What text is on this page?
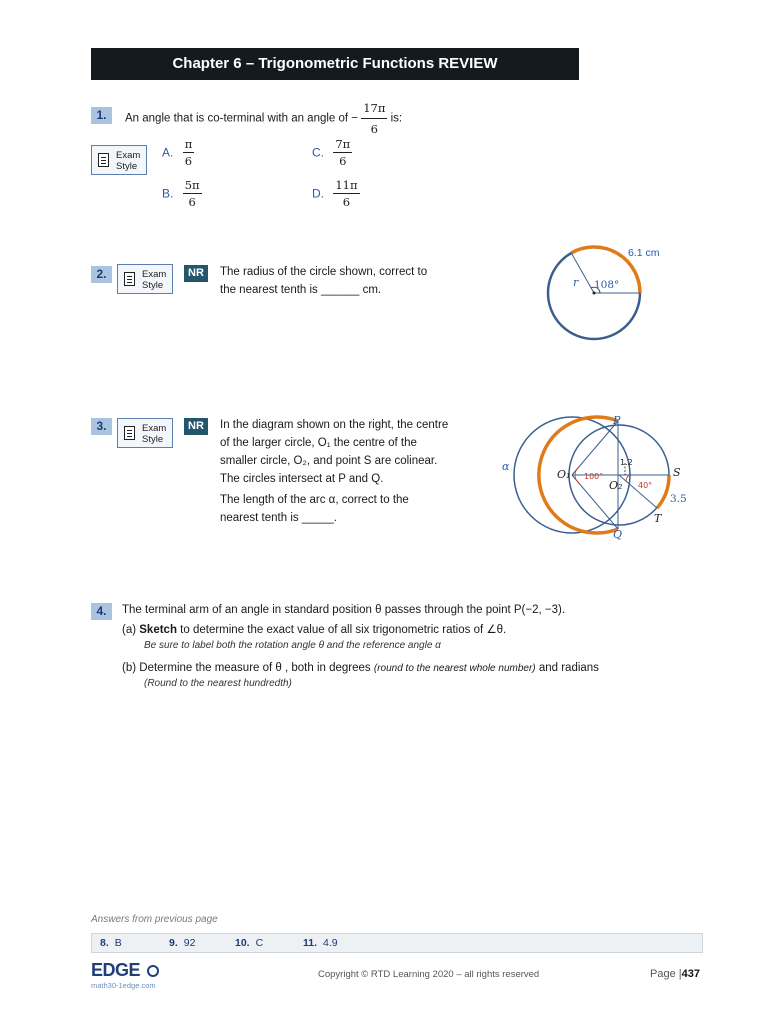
Chapter 6 – Trigonometric Functions REVIEW
1.	An angle that is co-terminal with an angle of − $\frac{17\pi}{6}$ is:
Exam
Style
A. $\frac{\pi}{6}$
B. $\frac{5\pi}{6}$
C. $\frac{7\pi}{6}$
D. $\frac{11\pi}{6}$
2.	Exam
Style
NR	The radius of the circle shown, correct to
the nearest tenth is ______ cm.
r 108°
6.1 cm
3.	Exam
Style
NR	In the diagram shown on the right, the centre
of the larger circle, O₁ the centre of the
smaller circle, O₂, and point S are colinear.
The circles intersect at P and Q.
The length of the arc α, correct to the
nearest tenth is _____.
α
O₁ 100°
O₂ 40°
1.2
P
Q
S
T
3.5
4.	The terminal arm of an angle in standard position θ passes through the point P(−2, −3).
(a) Sketch to determine the exact value of all six trigonometric ratios of ∠θ.
Be sure to label both the rotation angle θ and the reference angle α
(b) Determine the measure of θ , both in degrees (round to the nearest whole number) and radians
(Round to the nearest hundredth)
Answers from previous page
8. B	9. 92	10. C	11. 4.9
EDGE
math30-1edge.com
Copyright © RTD Learning 2020 – all rights reserved	Page |437
